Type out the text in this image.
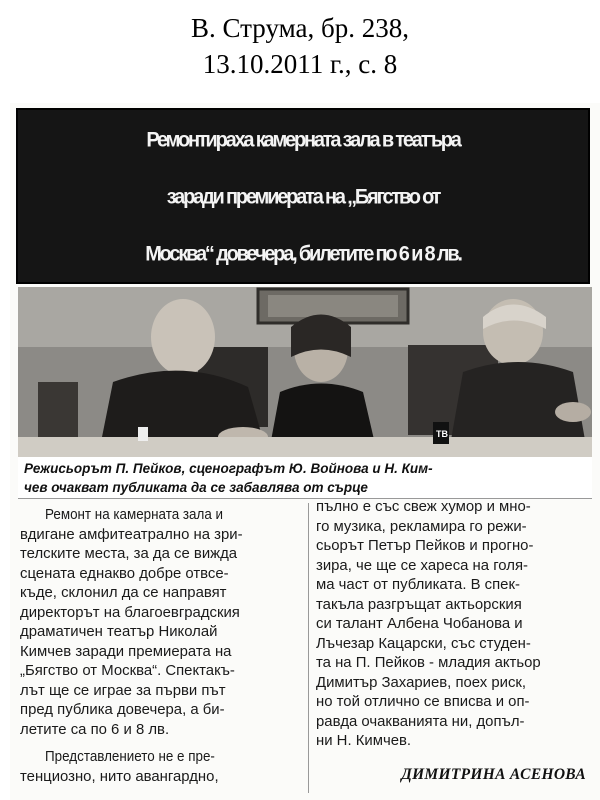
В. Струма, бр. 238,
13.10.2011 г., с. 8
Ремонтираха камерната зала в театъра
заради премиерата на „Бягство от
Москва“ довечера, билетите по 6 и 8 лв.
ТВ
Режисьорът П. Пейков, сценографът Ю. Войнова и Н. Ким-
чев очакват публиката да се забавлява от сърце
Ремонт на камерната зала и
вдигане амфитеатрално на зри-
телските места, за да се вижда
сцената еднакво добре отвсе-
къде, склонил да се направят
директорът на благоевградския
драматичен театър Николай
Кимчев заради премиерата на
„Бягство от Москва“. Спектакъ-
лът ще се играе за първи път
пред публика довечера, а би-
летите са по 6 и 8 лв.
Представлението не е пре-
тенциозно, нито авангардно,
пълно е със свеж хумор и мно-
го музика, рекламира го режи-
сьорът Петър Пейков и прогно-
зира, че ще се хареса на голя-
ма част от публиката. В спек-
такъла разгръщат актьорския
си талант Албена Чобанова и
Лъчезар Кацарски, със студен-
та на П. Пейков - младия актьор
Димитър Захариев, поех риск,
но той отлично се вписва и оп-
равда очакванията ни, допъл-
ни Н. Кимчев.
ДИМИТРИНА АСЕНОВА
